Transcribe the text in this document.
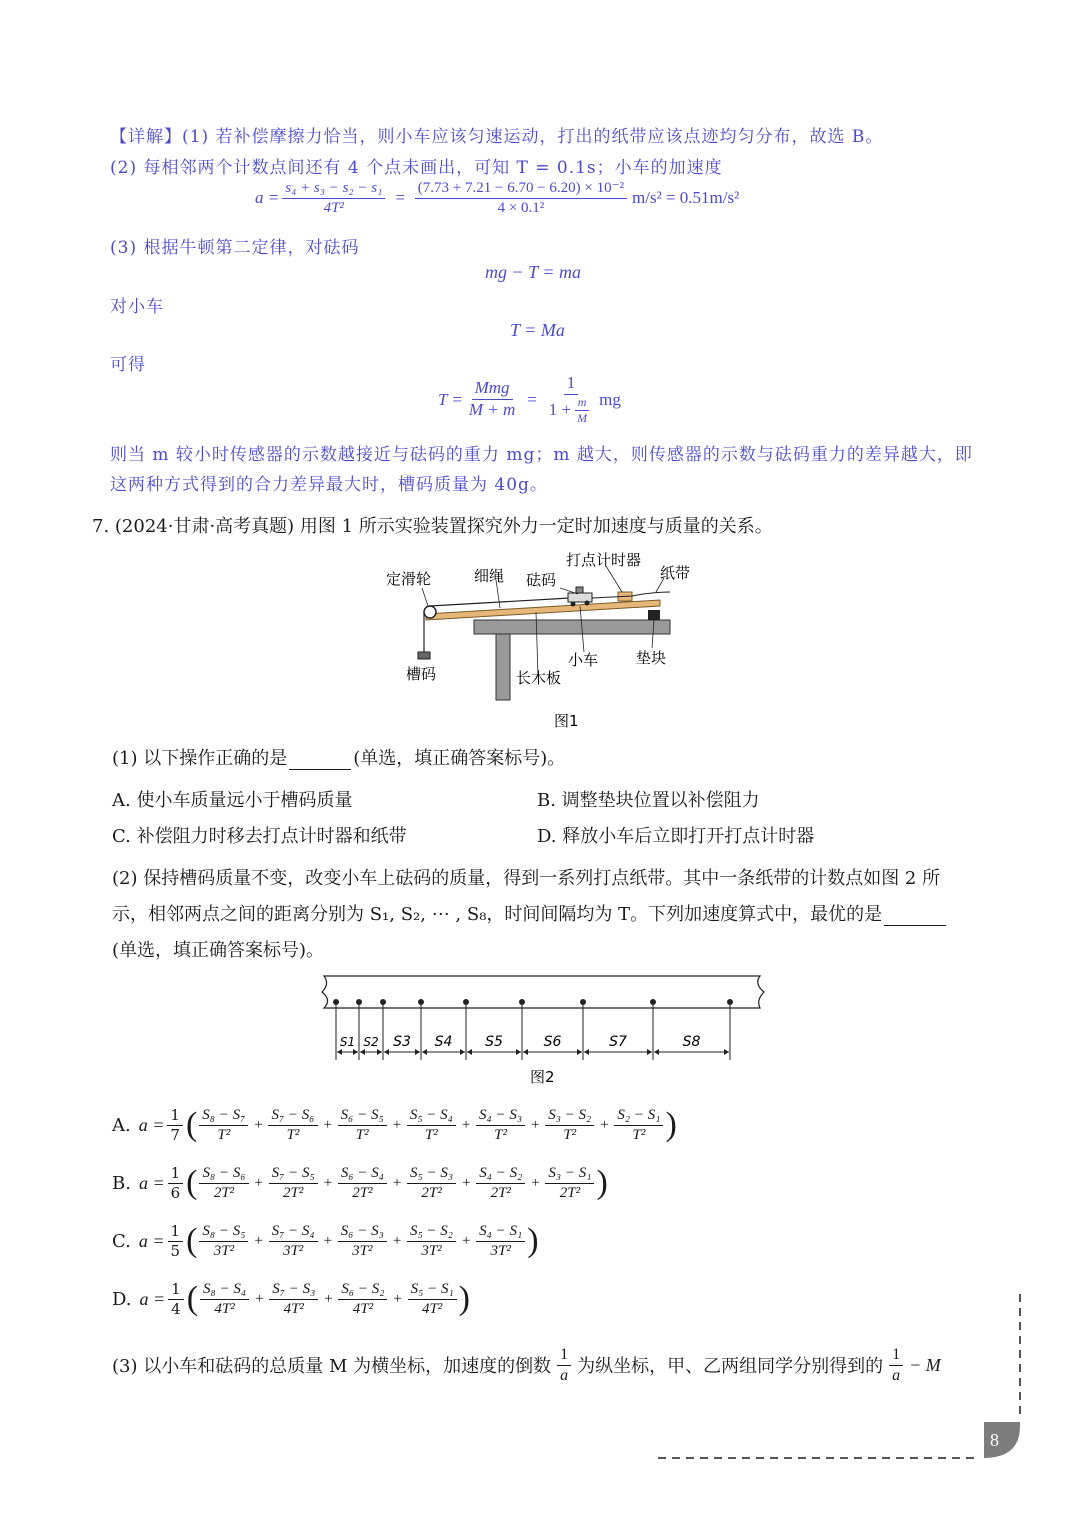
【详解】(1) 若补偿摩擦力恰当，则小车应该匀速运动，打出的纸带应该点迹均匀分布，故选 B。
(2) 每相邻两个计数点间还有 4 个点未画出，可知 T = 0.1s；小车的加速度
$a = \frac{\text{s₄ + s₃ − s₂ − s₁}}{\text{4T²}} = \frac{\text{(7.73 + 7.21 − 6.70 − 6.20) × 10⁻²}}{\text{4 × 0.1²}} m/s^2 = 0.51m/s^2$
(3) 根据牛顿第二定律，对砝码
mg − T = ma
对小车
T = Ma
可得
$T = \frac{\text{Mmg}}{M + m} = \frac{1}{1 + \frac{m}{M}}$ mg
则当 m 较小时传感器的示数越接近与砝码的重力 mg；m 越大，则传感器的示数与砝码重力的差异越大，即
这两种方式得到的合力差异最大时，槽码质量为 40g。
7. (2024·甘肃·高考真题) 用图 1 所示实验装置探究外力一定时加速度与质量的关系。
定滑轮	细绳 砝码
打点计时器
纸带
槽码	长木板
小车	垫块
图1
(1) 以下操作正确的是	(单选，填正确答案标号)。
A. 使小车质量远小于槽码质量	B. 调整垫块位置以补偿阻力
C. 补偿阻力时移去打点计时器和纸带	D. 释放小车后立即打开打点计时器
(2) 保持槽码质量不变，改变小车上砝码的质量，得到一系列打点纸带。其中一条纸带的计数点如图 2 所
示，相邻两点之间的距离分别为 S₁, S₂, ⋯ , S₈，时间间隔均为 T。下列加速度算式中，最优的是
(单选，填正确答案标号)。
S1 S2 S3 S4 S5	S6	S7	S8
图2
A. $a = \frac{1}{7}$ ( $\frac{\text{S₈ − S₇}}{\text{T²}} + \frac{\text{S₇ − S₆}}{\text{T²}} + \frac{\text{S₆ − S₅}}{\text{T²}} + \frac{\text{S₅ − S₄}}{\text{T²}} + \frac{\text{S₄ − S₃}}{\text{T²}} + \frac{\text{S₃ − S₂}}{\text{T²}} + \frac{\text{S₂ − S₁}}{\text{T²}}$ )
B. $a = \frac{1}{6}$ ( $\frac{\text{S₈ − S₆}}{\text{2T²}} + \frac{\text{S₇ − S₅}}{\text{2T²}} + \frac{\text{S₆ − S₄}}{\text{2T²}} + \frac{\text{S₅ − S₃}}{\text{2T²}} + \frac{\text{S₄ − S₂}}{\text{2T²}} + \frac{\text{S₃ − S₁}}{\text{2T²}}$ )
C. $a = \frac{1}{5}$ ( $\frac{\text{S₈ − S₅}}{\text{3T²}} + \frac{\text{S₇ − S₄}}{\text{3T²}} + \frac{\text{S₆ − S₃}}{\text{3T²}} + \frac{\text{S₅ − S₂}}{\text{3T²}} + \frac{\text{S₄ − S₁}}{\text{3T²}}$ )
D. $a = \frac{1}{4}$ ( $\frac{\text{S₈ − S₄}}{\text{4T²}} + \frac{\text{S₇ − S₃}}{\text{4T²}} + \frac{\text{S₆ − S₂}}{\text{4T²}} + \frac{\text{S₅ − S₁}}{\text{4T²}}$ )
(3) 以小车和砝码的总质量 M 为横坐标，加速度的倒数 $\frac{1}{a}$ 为纵坐标，甲、乙两组同学分别得到的 $\frac{1}{a} - M$
8
